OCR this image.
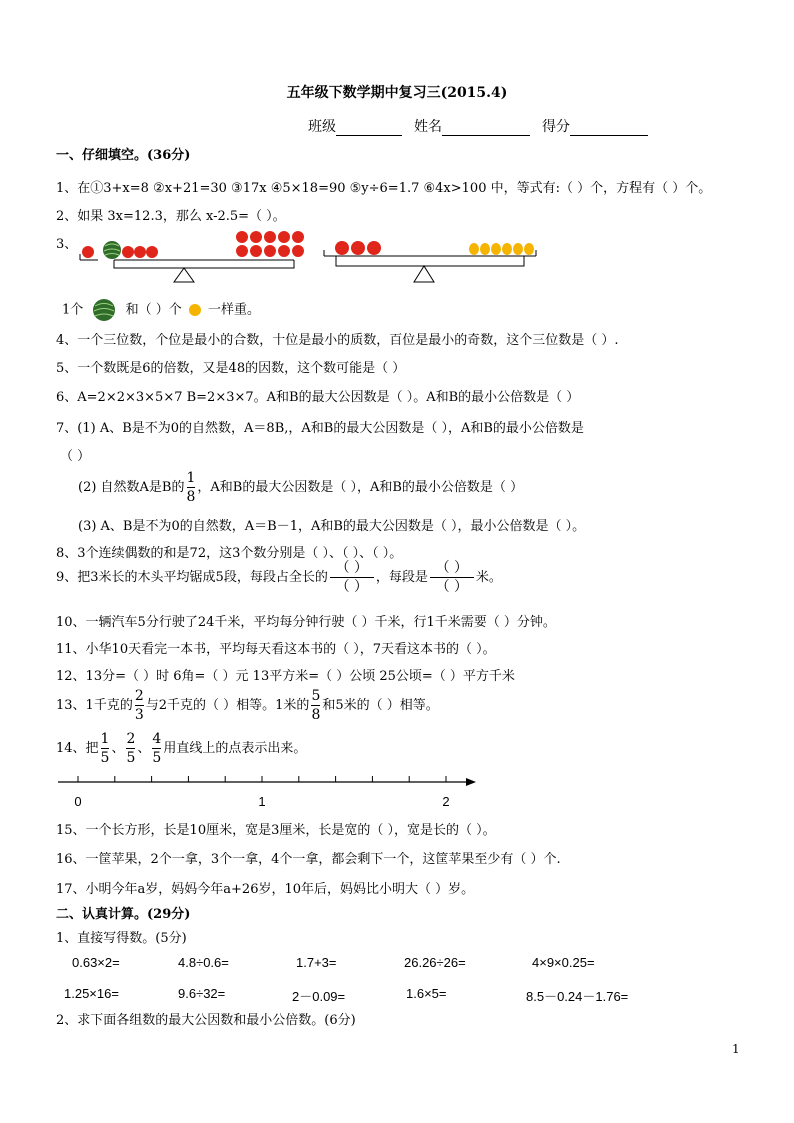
五年级下数学期中复习三(2015.4)
班级	姓名	得分
一、仔细填空。(36分)
1、在①3+x=8 ②x+21=30 ③17x ④5×18=90 ⑤y÷6=1.7 ⑥4x>100 中，等式有:（ ）个，方程有（ ）个。
2、如果 3x=12.3，那么 x-2.5=（ ）。
3、
1个	和（ ）个 一样重。
4、一个三位数，个位是最小的合数，十位是最小的质数，百位是最小的奇数，这个三位数是（ ）.
5、一个数既是6的倍数，又是48的因数，这个数可能是（ ）
6、A=2×2×3×5×7 B=2×3×7。A和B的最大公因数是（ ）。A和B的最小公倍数是（ ）
7、(1) A、B是不为0的自然数，A＝8B,，A和B的最大公因数是（ ），A和B的最小公倍数是
（ ）
(2) 自然数A是B的 $\frac{1}{8}$ ，A和B的最大公因数是（ ），A和B的最小公倍数是（ ）
(3) A、B是不为0的自然数，A＝B－1，A和B的最大公因数是（ ），最小公倍数是（ ）。
8、3个连续偶数的和是72，这3个数分别是（ ）、（ ）、（ ）。
9、把3米长的木头平均锯成5段，每段占全长的
（ ）
（ ）
，每段是
（ ）
（ ）
米。
10、一辆汽车5分行驶了24千米，平均每分钟行驶（ ）千米，行1千米需要（ ）分钟。
11、小华10天看完一本书，平均每天看这本书的（ ），7天看这本书的（ ）。
12、13分=（ ）时 6角=（ ）元 13平方米=（ ）公顷 25公顷=（ ）平方千米
13、1千克的 $\frac{2}{3}$ 与2千克的（ ）相等。1米的 $\frac{5}{8}$ 和5米的（ ）相等。
14、把 $\frac{1}{5}$ 、 $\frac{2}{5}$ 、 $\frac{4}{5}$ 用直线上的点表示出来。
0	1	2
15、一个长方形，长是10厘米，宽是3厘米，长是宽的（ ），宽是长的（ ）。
16、一筐苹果，2个一拿，3个一拿，4个一拿，都会剩下一个，这筐苹果至少有（ ）个.
17、小明今年a岁，妈妈今年a+26岁，10年后，妈妈比小明大（ ）岁。
二、认真计算。(29分)
1、直接写得数。(5分)
0.63×2=	4.8÷0.6=	1.7+3=	26.26÷26=	4×9×0.25=
1.25×16=	9.6÷32=	2－0.09=	1.6×5=	8.5－0.24－1.76=
2、求下面各组数的最大公因数和最小公倍数。(6分)
1
